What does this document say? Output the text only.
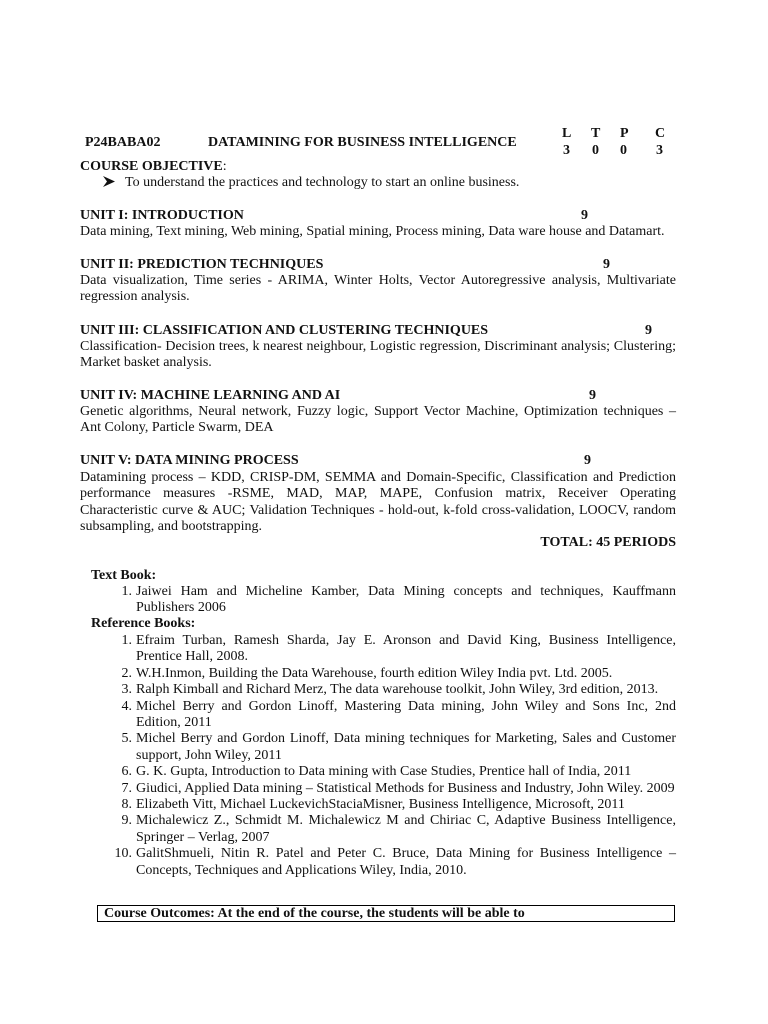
P24BABA02	DATAMINING FOR BUSINESS INTELLIGENCE
L T P C
3 0 0 3
COURSE OBJECTIVE:
To understand the practices and technology to start an online business.
UNIT I: INTRODUCTION	9
Data mining, Text mining, Web mining, Spatial mining, Process mining, Data ware house and Datamart.
UNIT II: PREDICTION TECHNIQUES	9
Data visualization, Time series - ARIMA, Winter Holts, Vector Autoregressive analysis, Multivariate regression analysis.
UNIT III: CLASSIFICATION AND CLUSTERING TECHNIQUES	9
Classification- Decision trees, k nearest neighbour, Logistic regression, Discriminant analysis; Clustering; Market basket analysis.
UNIT IV: MACHINE LEARNING AND AI	9
Genetic algorithms, Neural network, Fuzzy logic, Support Vector Machine, Optimization techniques – Ant Colony, Particle Swarm, DEA
UNIT V: DATA MINING PROCESS	9
Datamining process – KDD, CRISP-DM, SEMMA and Domain-Specific, Classification and Prediction performance measures -RSME, MAD, MAP, MAPE, Confusion matrix, Receiver Operating Characteristic curve & AUC; Validation Techniques - hold-out, k-fold cross-validation, LOOCV, random subsampling, and bootstrapping.
TOTAL: 45 PERIODS
Text Book:
1. Jaiwei Ham and Micheline Kamber, Data Mining concepts and techniques, Kauffmann Publishers 2006
Reference Books:
1. Efraim Turban, Ramesh Sharda, Jay E. Aronson and David King, Business Intelligence, Prentice Hall, 2008.
2. W.H.Inmon, Building the Data Warehouse, fourth edition Wiley India pvt. Ltd. 2005.
3. Ralph Kimball and Richard Merz, The data warehouse toolkit, John Wiley, 3rd edition, 2013.
4. Michel Berry and Gordon Linoff, Mastering Data mining, John Wiley and Sons Inc, 2nd Edition, 2011
5. Michel Berry and Gordon Linoff, Data mining techniques for Marketing, Sales and Customer support, John Wiley, 2011
6. G. K. Gupta, Introduction to Data mining with Case Studies, Prentice hall of India, 2011
7. Giudici, Applied Data mining – Statistical Methods for Business and Industry, John Wiley. 2009
8. Elizabeth Vitt, Michael LuckevichStaciaMisner, Business Intelligence, Microsoft, 2011
9. Michalewicz Z., Schmidt M. Michalewicz M and Chiriac C, Adaptive Business Intelligence, Springer – Verlag, 2007
10. GalitShmueli, Nitin R. Patel and Peter C. Bruce, Data Mining for Business Intelligence – Concepts, Techniques and Applications Wiley, India, 2010.
Course Outcomes: At the end of the course, the students will be able to
